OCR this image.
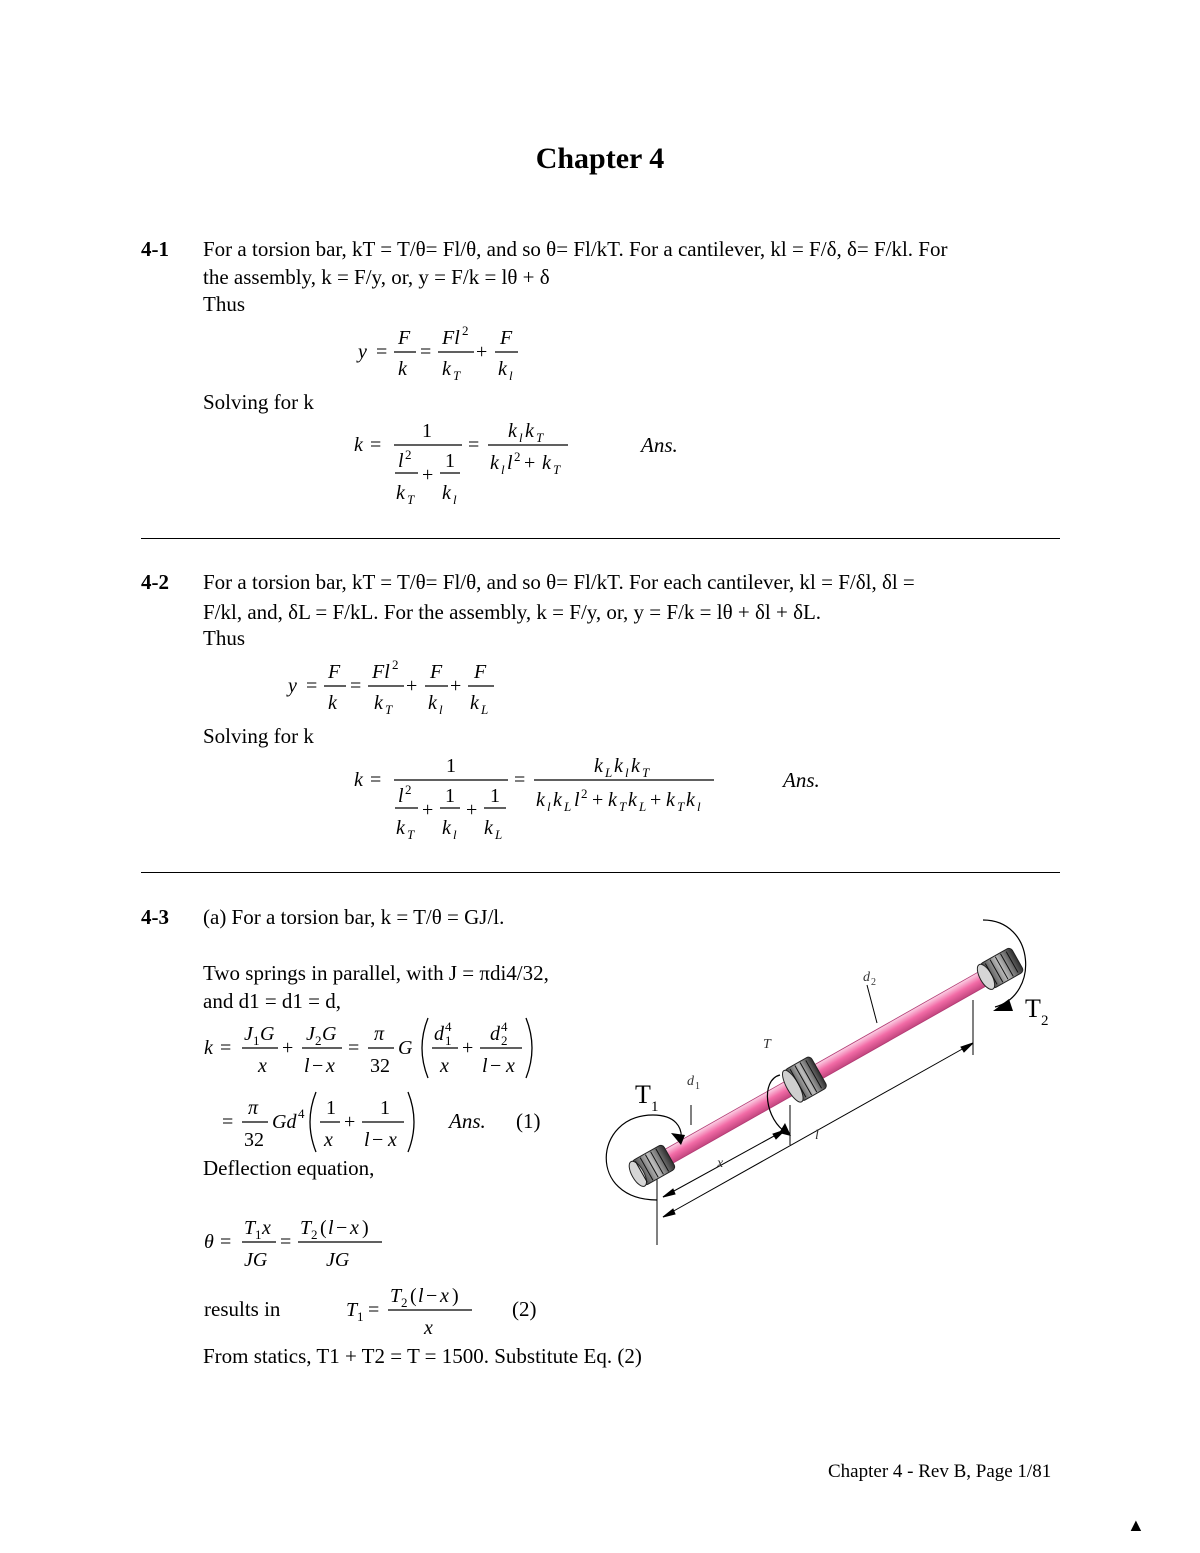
Chapter 4
4-1 For a torsion bar, kT = T/θ= Fl/θ, and so θ= Fl/kT. For a cantilever, kl = F/δ, δ= F/kl. For
the assembly, k = F/y, or, y = F/k = lθ + δ
Thus
y =
F
k
=
Fl 2
k T
+
F
k l
Solving for k
k =
1
l 2
k T
+
1
k l
=
k l k T
k l l 2 + k T
Ans.
4-2 For a torsion bar, kT = T/θ= Fl/θ, and so θ= Fl/kT. For each cantilever, kl = F/δl, δl =
F/kl, and, δL = F/kL. For the assembly, k = F/y, or, y = F/k = lθ + δl + δL.
Thus
y =
F
k
=
Fl 2
k T
+
F
k l
+
F
k L
Solving for k
k =
1
l 2
k T
+
1
k l
+
1
k L
=
k L k l k T
k l k L l 2 + k T k L + k T k l
Ans.
4-3 (a) For a torsion bar, k = T/θ = GJ/l.
Two springs in parallel, with J = πdi4/32,
and d1 = d1 = d,
k =
J 1 G
x
+
J 2 G
l − x
=
π
32
G
d 1
4
x
+
d 2
4
l − x
=
π
32
Gd 4 1
x
+
1
l − x
Ans. (1)
Deflection equation,
θ =
T 1 x
JG
=
T 2 ( l − x )
JG
results in	T 1 =
T 2 ( l − x )
x
(2)
From statics, T1 + T2 = T = 1500. Substitute Eq. (2)
T 1
T 2
T
d 1
d 2
x
l
Chapter 4 - Rev B, Page 1/81
▲
